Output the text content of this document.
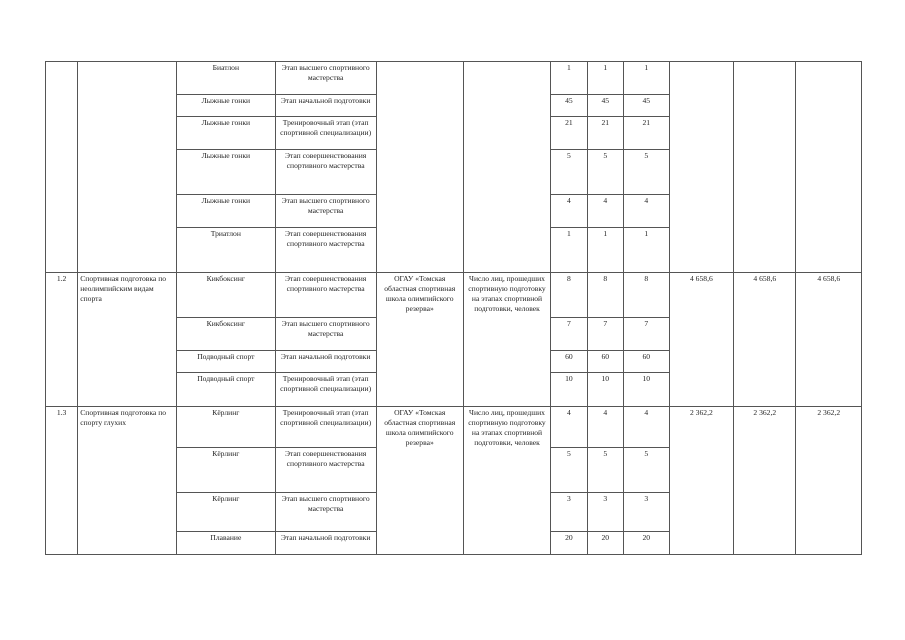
		Биатлон	Этап высшего спортивного мастерства			1	1	1			
		Лыжные гонки	Этап начальной подготовки			45	45	45			
		Лыжные гонки	Тренировочный этап (этап спортивной специализации)			21	21	21			
		Лыжные гонки	Этап совершенствования спортивного мастерства			5	5	5			
		Лыжные гонки	Этап высшего спортивного мастерства			4	4	4			
		Триатлон	Этап совершенствования спортивного мастерства			1	1	1			
1.2	Спортивная подготовка по неолимпийским видам спорта	Кикбоксинг	Этап совершенствования спортивного мастерства	ОГАУ «Томская областная спортивная школа олимпийского резерва»	Число лиц, прошедших спортивную подготовку на этапах спортивной подготовки, человек	8	8	8	4 658,6	4 658,6	4 658,6
		Кикбоксинг	Этап высшего спортивного мастерства			7	7	7			
		Подводный спорт	Этап начальной подготовки			60	60	60			
		Подводный спорт	Тренировочный этап (этап спортивной специализации)			10	10	10			
1.3	Спортивная подготовка по спорту глухих	Кёрлинг	Тренировочный этап (этап спортивной специализации)	ОГАУ «Томская областная спортивная школа олимпийского резерва»	Число лиц, прошедших спортивную подготовку на этапах спортивной подготовки, человек	4	4	4	2 362,2	2 362,2	2 362,2
		Кёрлинг	Этап совершенствования спортивного мастерства			5	5	5			
		Кёрлинг	Этап высшего спортивного мастерства			3	3	3			
		Плавание	Этап начальной подготовки			20	20	20			
